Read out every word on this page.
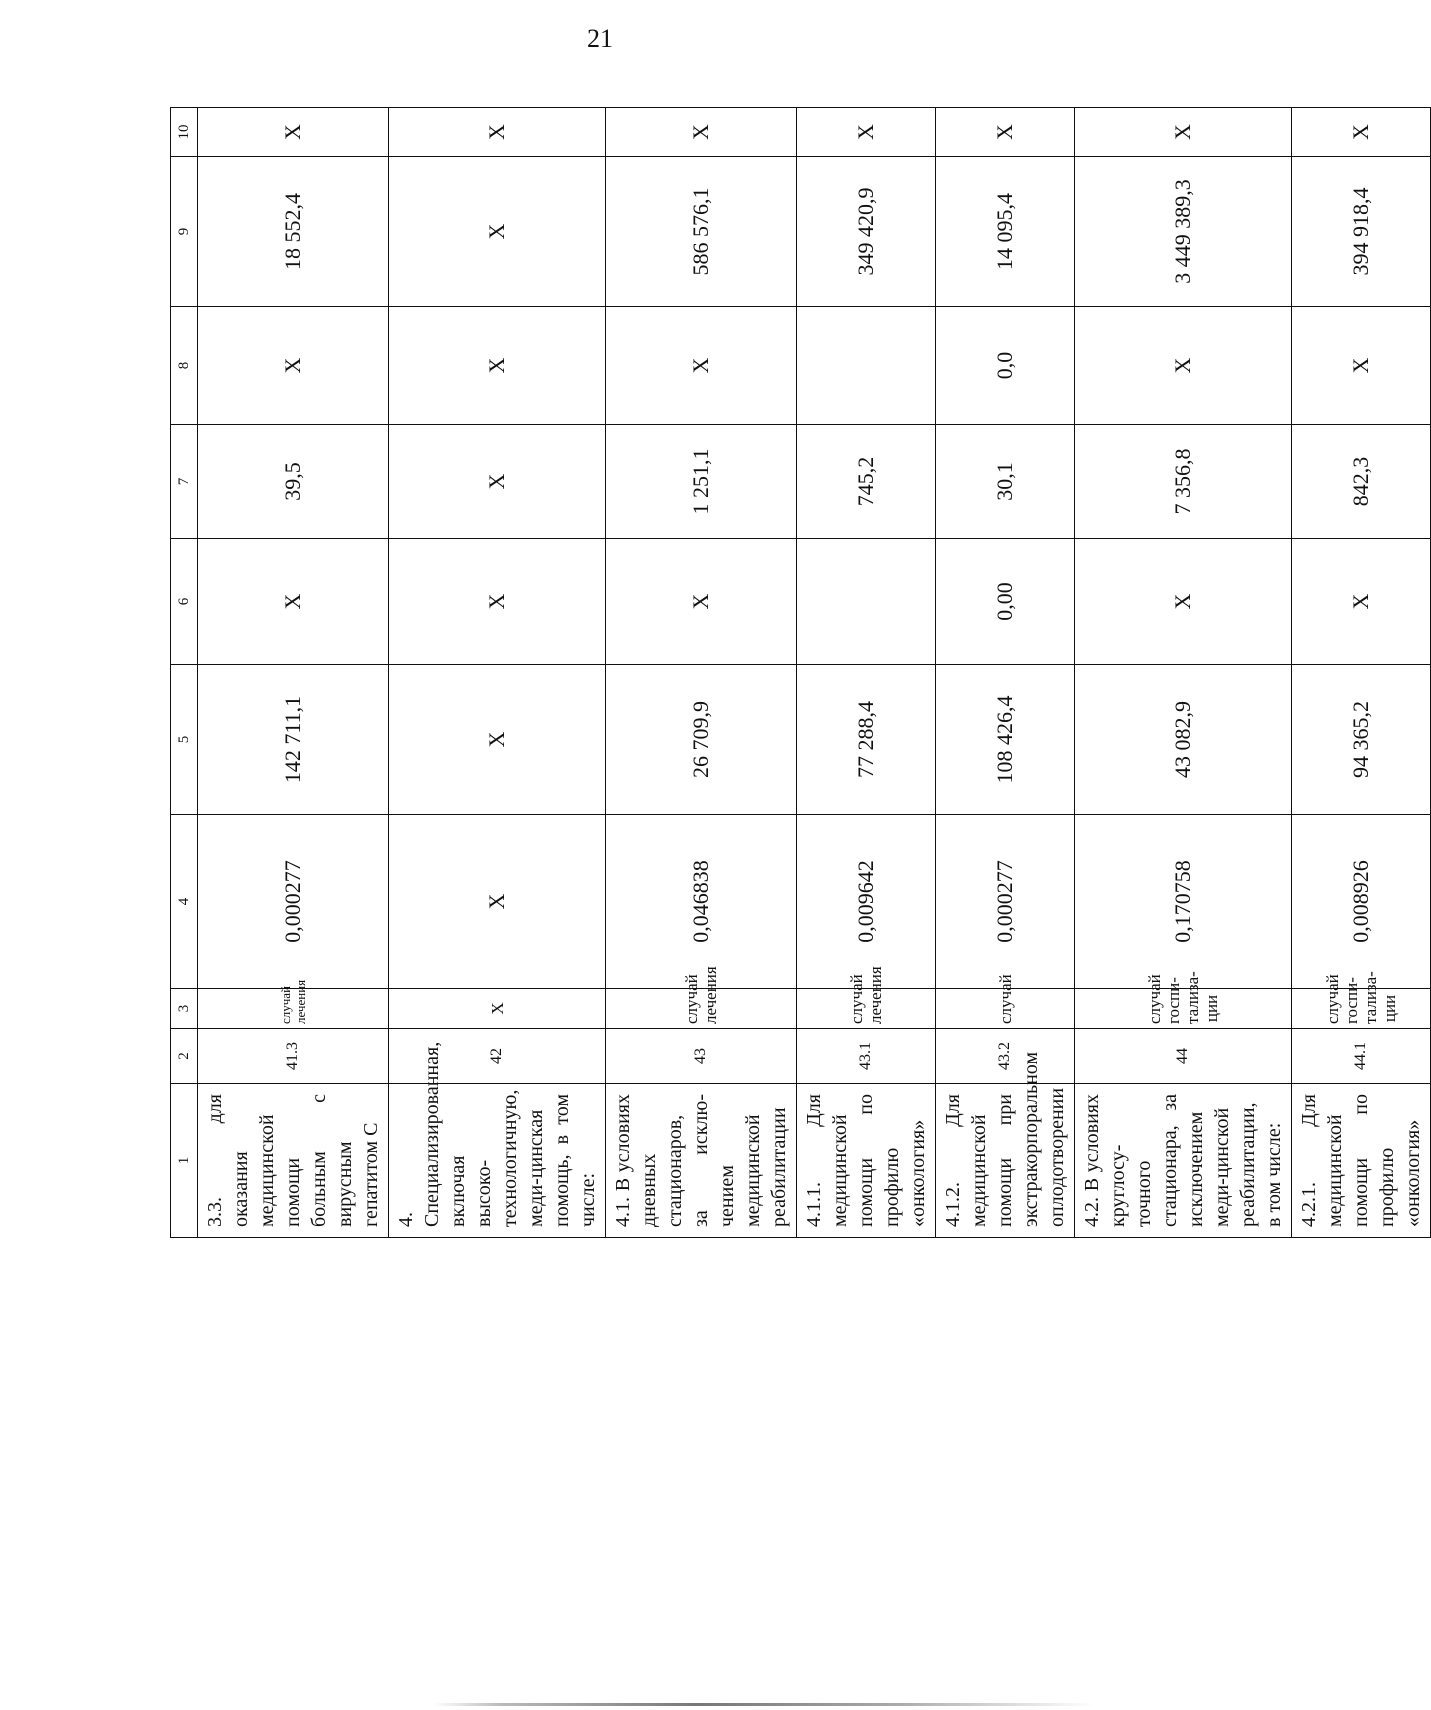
21
1	2	3	4	5	6	7	8	9	10
3.3. для оказания медицинской помощи больным с вирусным гепатитом С	41.3	случай лечения	0,000277	142 711,1	Х	39,5	Х	18 552,4	Х
4. Специализированная, включая высоко-технологичную, меди-цинская помощь, в том числе:	42	Х	Х	Х	Х	Х	Х	Х	Х
4.1. В условиях дневных стационаров, за исклю-чением медицинской реабилитации	43	случай лечения	0,046838	26 709,9	Х	1 251,1	Х	586 576,1	Х
4.1.1. Для медицинской помощи по профилю «онкология»	43.1	случай лечения	0,009642	77 288,4		745,2		349 420,9	Х
4.1.2. Для медицинской помощи при экстракорпоральном оплодотворении	43.2	случай	0,000277	108 426,4	0,00	30,1	0,0	14 095,4	Х
4.2. В условиях круглосу-точного стационара, за исключением меди-цинской реабилитации, в том числе:	44	случай госпи-тализа-ции	0,170758	43 082,9	Х	7 356,8	Х	3 449 389,3	Х
4.2.1. Для медицинской помощи по профилю «онкология»	44.1	случай госпи-тализа-ции	0,008926	94 365,2	Х	842,3	Х	394 918,4	Х
